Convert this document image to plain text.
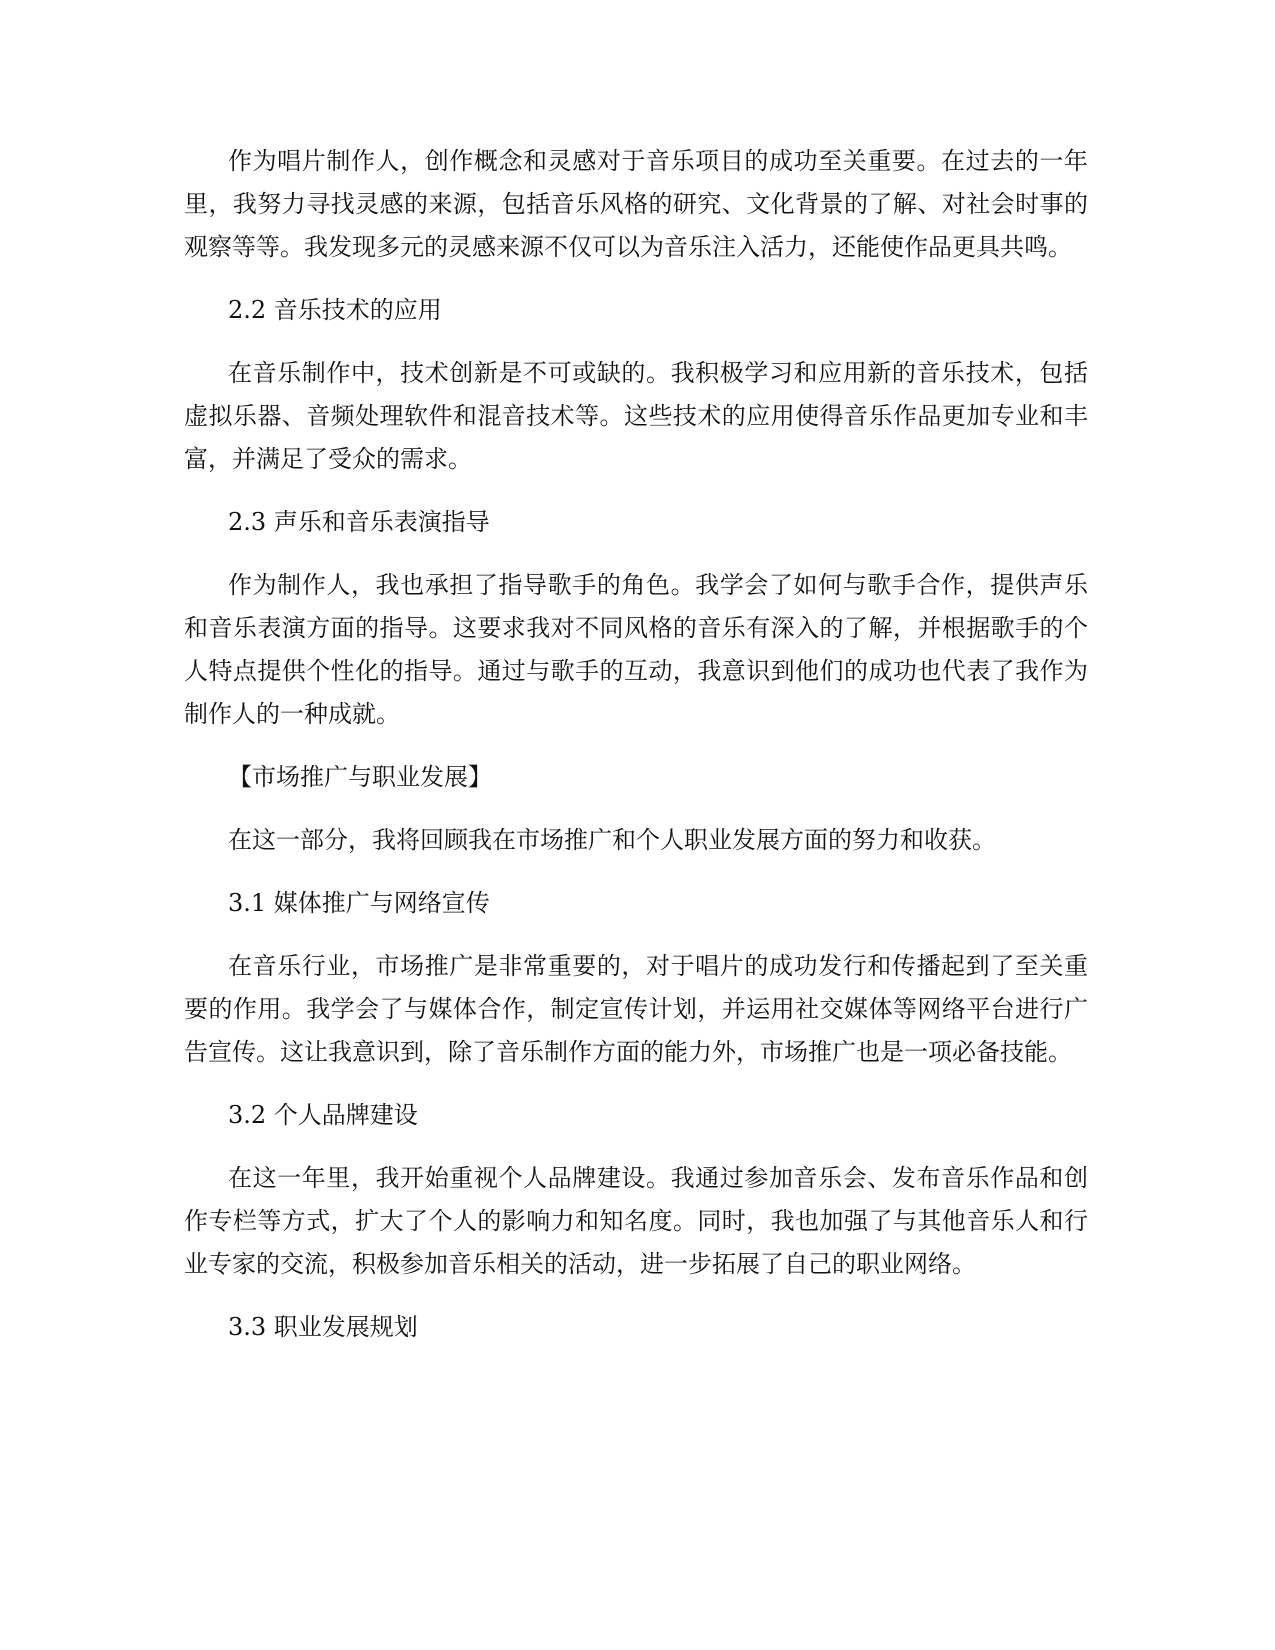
作为唱片制作人，创作概念和灵感对于音乐项目的成功至关重要。在过去的一年里，我努力寻找灵感的来源，包括音乐风格的研究、文化背景的了解、对社会时事的观察等等。我发现多元的灵感来源不仅可以为音乐注入活力，还能使作品更具共鸣。

2.2 音乐技术的应用

在音乐制作中，技术创新是不可或缺的。我积极学习和应用新的音乐技术，包括虚拟乐器、音频处理软件和混音技术等。这些技术的应用使得音乐作品更加专业和丰富，并满足了受众的需求。

2.3 声乐和音乐表演指导

作为制作人，我也承担了指导歌手的角色。我学会了如何与歌手合作，提供声乐和音乐表演方面的指导。这要求我对不同风格的音乐有深入的了解，并根据歌手的个人特点提供个性化的指导。通过与歌手的互动，我意识到他们的成功也代表了我作为制作人的一种成就。

【市场推广与职业发展】

在这一部分，我将回顾我在市场推广和个人职业发展方面的努力和收获。

3.1 媒体推广与网络宣传

在音乐行业，市场推广是非常重要的，对于唱片的成功发行和传播起到了至关重要的作用。我学会了与媒体合作，制定宣传计划，并运用社交媒体等网络平台进行广告宣传。这让我意识到，除了音乐制作方面的能力外，市场推广也是一项必备技能。

3.2 个人品牌建设

在这一年里，我开始重视个人品牌建设。我通过参加音乐会、发布音乐作品和创作专栏等方式，扩大了个人的影响力和知名度。同时，我也加强了与其他音乐人和行业专家的交流，积极参加音乐相关的活动，进一步拓展了自己的职业网络。

3.3 职业发展规划
